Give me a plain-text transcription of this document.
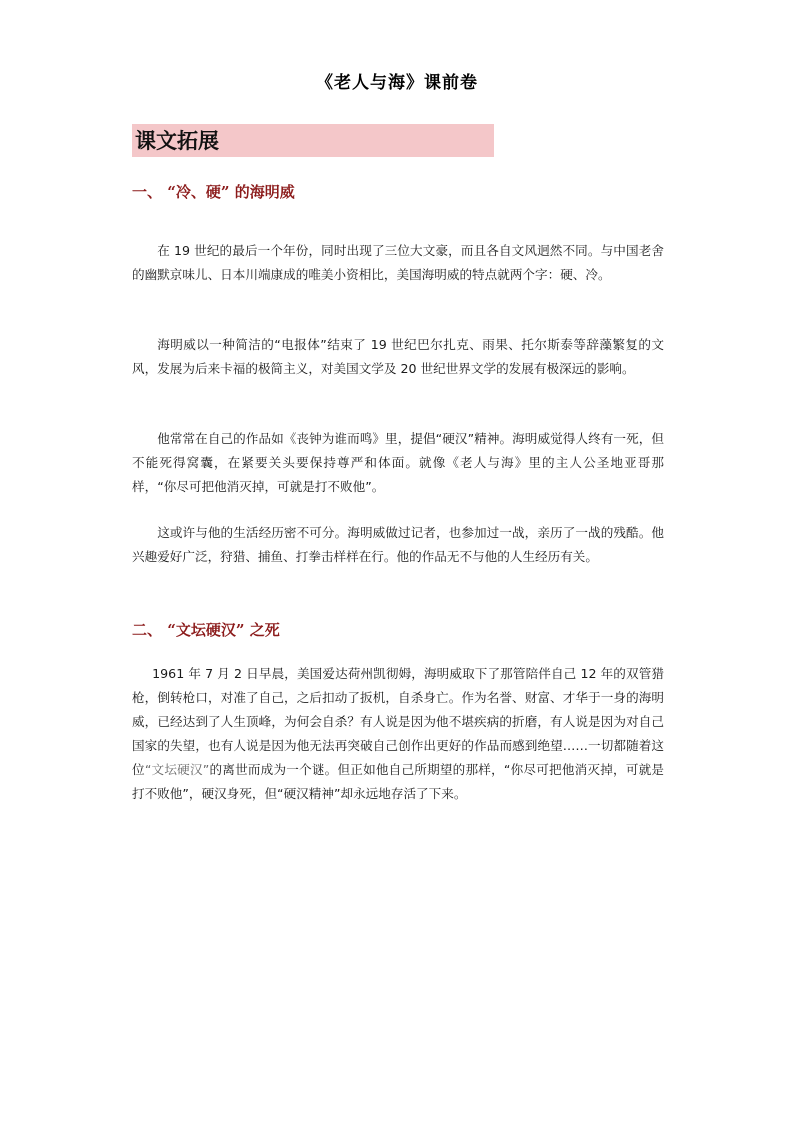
《老人与海》课前卷
课文拓展
一、 “冷、硬” 的海明威

在 19 世纪的最后一个年份，同时出现了三位大文豪，而且各自文风迥然不同。与中国老舍的幽默京味儿、日本川端康成的唯美小资相比，美国海明威的特点就两个字：硬、冷。

海明威以一种简洁的“电报体”结束了 19 世纪巴尔扎克、雨果、托尔斯泰等辞藻繁复的文风，发展为后来卡福的极简主义，对美国文学及 20 世纪世界文学的发展有极深远的影响。

他常常在自己的作品如《丧钟为谁而鸣》里，提倡“硬汉”精神。海明威觉得人终有一死，但不能死得窝囊，在紧要关头要保持尊严和体面。就像《老人与海》里的主人公圣地亚哥那样，“你尽可把他消灭掉，可就是打不败他”。

这或许与他的生活经历密不可分。海明威做过记者，也参加过一战，亲历了一战的残酷。他兴趣爱好广泛，狩猎、捕鱼、打拳击样样在行。他的作品无不与他的人生经历有关。

二、 “文坛硬汉” 之死

1961 年 7 月 2 日早晨，美国爱达荷州凯彻姆，海明威取下了那管陪伴自己 12 年的双管猎枪，倒转枪口，对准了自己，之后扣动了扳机，自杀身亡。作为名誉、财富、才华于一身的海明威，已经达到了人生顶峰，为何会自杀？有人说是因为他不堪疾病的折磨，有人说是因为对自己国家的失望，也有人说是因为他无法再突破自己创作出更好的作品而感到绝望……一切都随着这位“文坛硬汉”的离世而成为一个谜。但正如他自己所期望的那样，“你尽可把他消灭掉，可就是打不败他”，硬汉身死，但“硬汉精神”却永远地存活了下来。
